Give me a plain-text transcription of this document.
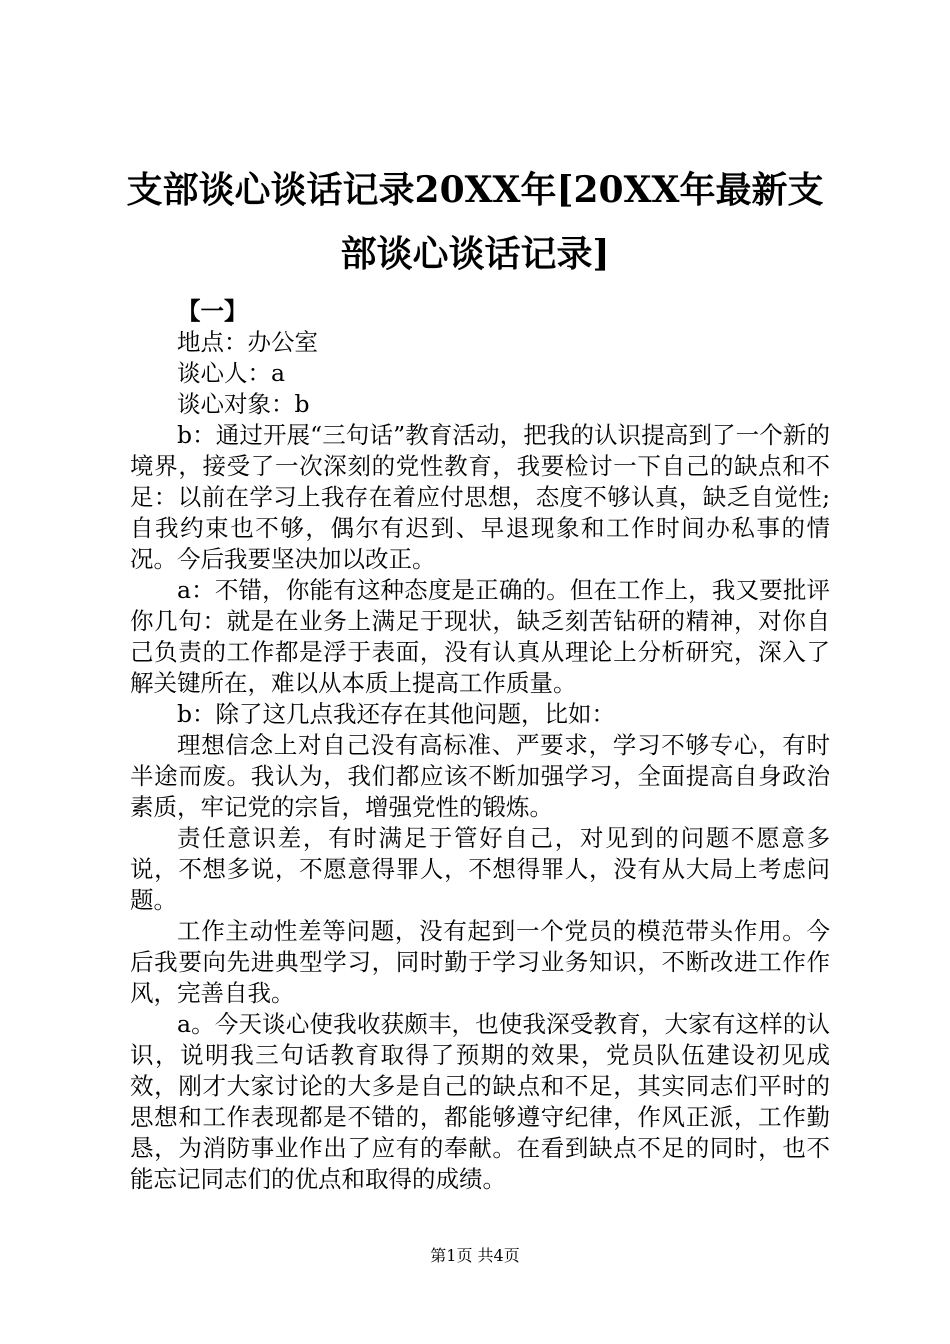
支部谈心谈话记录20XX年[20XX年最新支部谈心谈话记录]

【一】

地点：办公室

谈心人：a

谈心对象：b

b：通过开展“三句话”教育活动，把我的认识提高到了一个新的境界，接受了一次深刻的党性教育，我要检讨一下自己的缺点和不足：以前在学习上我存在着应付思想，态度不够认真，缺乏自觉性;自我约束也不够，偶尔有迟到、早退现象和工作时间办私事的情况。今后我要坚决加以改正。

a：不错，你能有这种态度是正确的。但在工作上，我又要批评你几句：就是在业务上满足于现状，缺乏刻苦钻研的精神，对你自己负责的工作都是浮于表面，没有认真从理论上分析研究，深入了解关键所在，难以从本质上提高工作质量。

b：除了这几点我还存在其他问题，比如：

理想信念上对自己没有高标准、严要求，学习不够专心，有时半途而废。我认为，我们都应该不断加强学习，全面提高自身政治素质，牢记党的宗旨，增强党性的锻炼。

责任意识差，有时满足于管好自己，对见到的问题不愿意多说，不想多说，不愿意得罪人，不想得罪人，没有从大局上考虑问题。

工作主动性差等问题，没有起到一个党员的模范带头作用。今后我要向先进典型学习，同时勤于学习业务知识，不断改进工作作风，完善自我。

a。今天谈心使我收获颇丰，也使我深受教育，大家有这样的认识，说明我三句话教育取得了预期的效果，党员队伍建设初见成效，刚才大家讨论的大多是自己的缺点和不足，其实同志们平时的思想和工作表现都是不错的，都能够遵守纪律，作风正派，工作勤恳，为消防事业作出了应有的奉献。在看到缺点不足的同时，也不能忘记同志们的优点和取得的成绩。

第1页 共4页
